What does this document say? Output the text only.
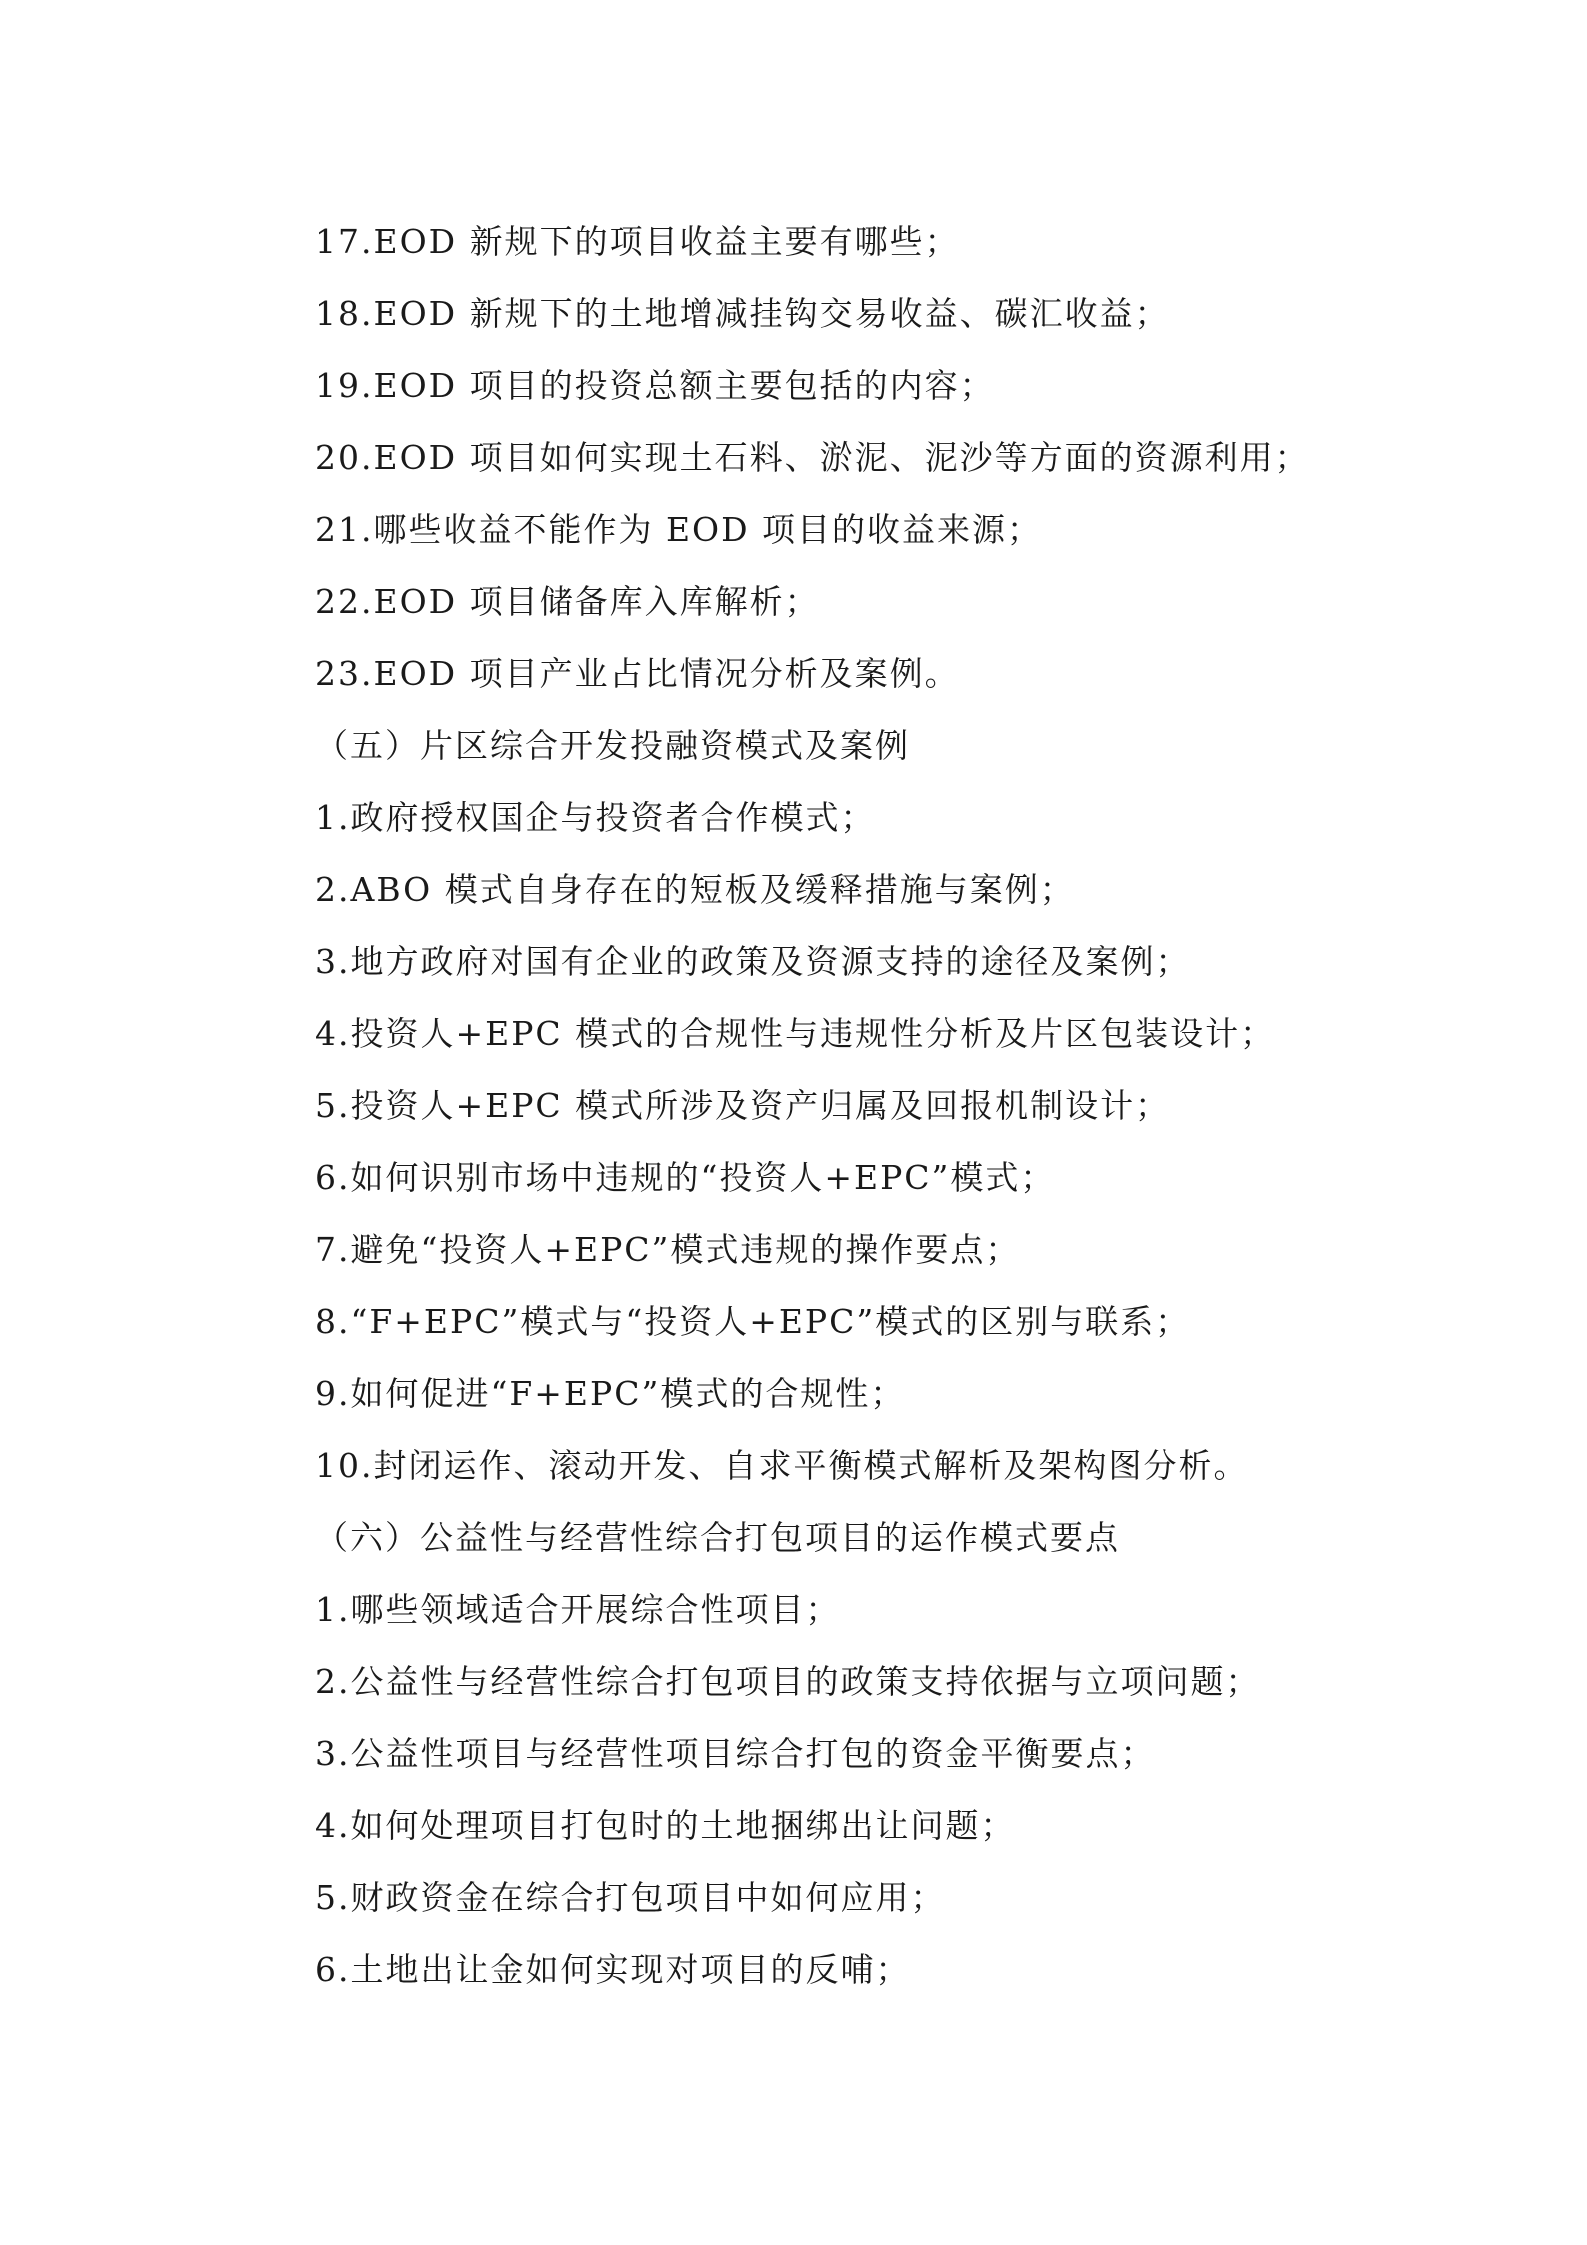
17.EOD 新规下的项目收益主要有哪些；
18.EOD 新规下的土地增减挂钩交易收益、碳汇收益；
19.EOD 项目的投资总额主要包括的内容；
20.EOD 项目如何实现土石料、淤泥、泥沙等方面的资源利用；
21.哪些收益不能作为 EOD 项目的收益来源；
22.EOD 项目储备库入库解析；
23.EOD 项目产业占比情况分析及案例。
（五）片区综合开发投融资模式及案例
1.政府授权国企与投资者合作模式；
2.ABO 模式自身存在的短板及缓释措施与案例；
3.地方政府对国有企业的政策及资源支持的途径及案例；
4.投资人+EPC 模式的合规性与违规性分析及片区包装设计；
5.投资人+EPC 模式所涉及资产归属及回报机制设计；
6.如何识别市场中违规的“投资人+EPC”模式；
7.避免“投资人+EPC”模式违规的操作要点；
8.“F+EPC”模式与“投资人+EPC”模式的区别与联系；
9.如何促进“F+EPC”模式的合规性；
10.封闭运作、滚动开发、自求平衡模式解析及架构图分析。
（六）公益性与经营性综合打包项目的运作模式要点
1.哪些领域适合开展综合性项目；
2.公益性与经营性综合打包项目的政策支持依据与立项问题；
3.公益性项目与经营性项目综合打包的资金平衡要点；
4.如何处理项目打包时的土地捆绑出让问题；
5.财政资金在综合打包项目中如何应用；
6.土地出让金如何实现对项目的反哺；
